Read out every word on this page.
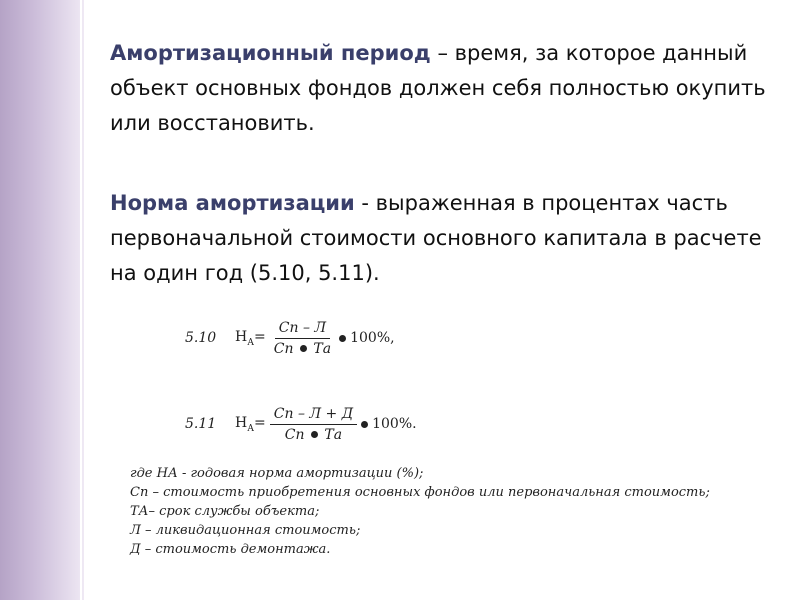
Амортизационный период – время, за которое данный объект основных фондов должен себя полностью окупить или восстановить.
Норма амортизации - выраженная в процентах часть первоначальной стоимости основного капитала в расчете на один год (5.10, 5.11).
5.10	$Н_А= \frac{Сп - Л}{\text{Сп Тa}} 100\%$,
5.11	$Н_А= \frac{Сп - Л + Д}{\text{Сп Тa}} 100\%$.
где НА - годовая норма амортизации (%);
Сп – стоимость приобретения основных фондов или первоначальная стоимость;
ТА– срок службы объекта;
Л – ликвидационная стоимость;
Д – стоимость демонтажа.
